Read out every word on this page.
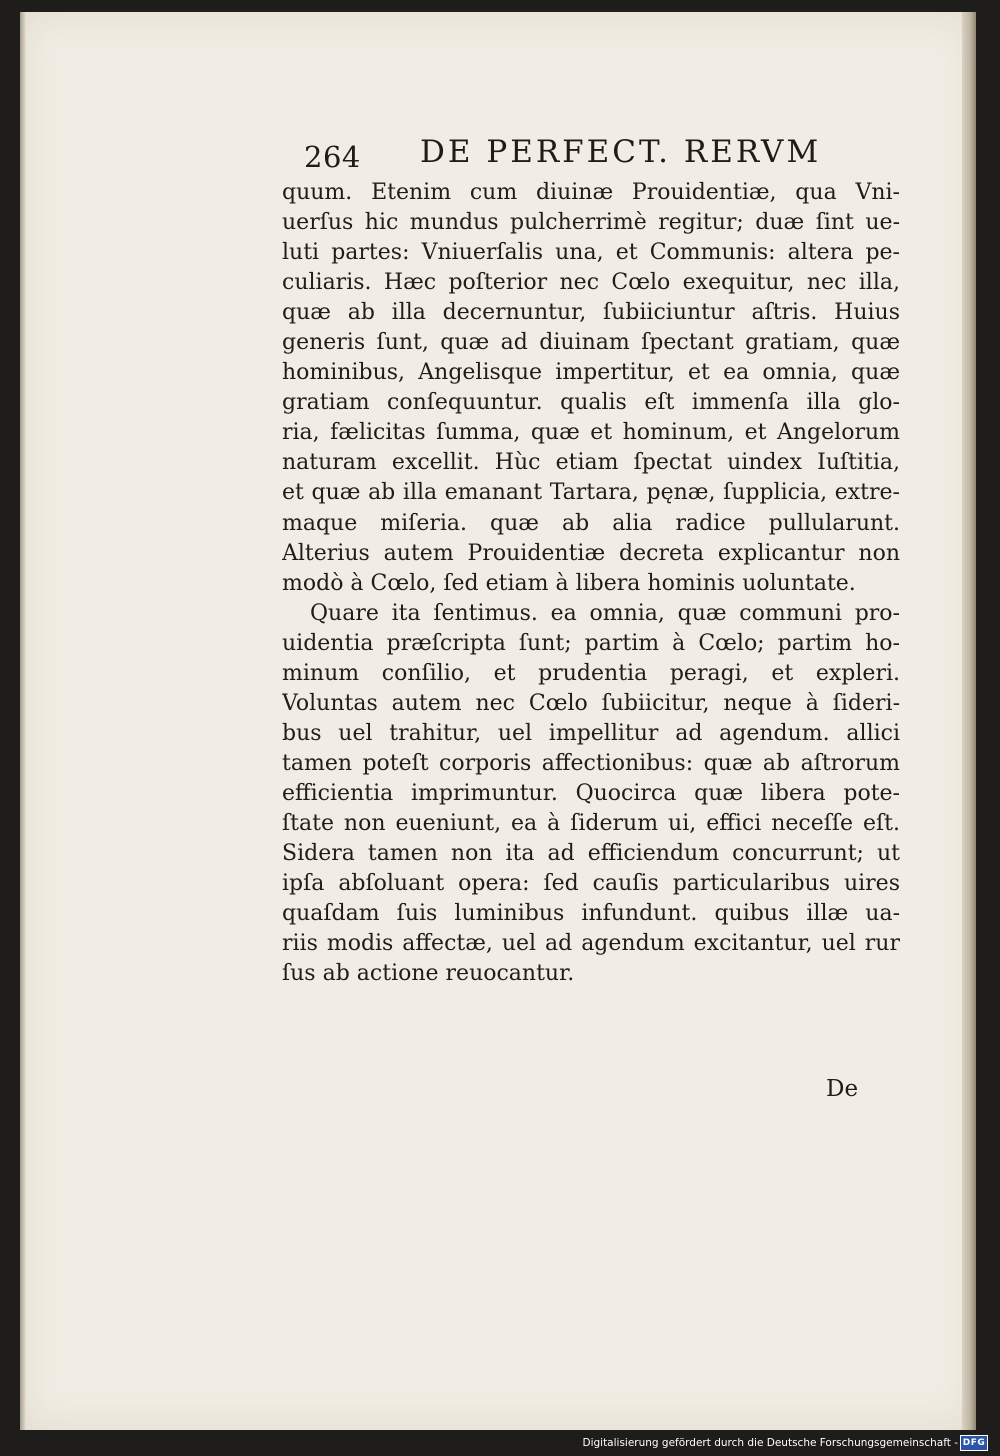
264 DE PERFECT. RERVM
quum. Etenim cum diuinæ Prouidentiæ, qua Vni-
uerſus hic mundus pulcherrimè regitur; duæ ſint ue-
luti partes: Vniuerſalis una, et Communis: altera pe-
culiaris. Hæc poſterior nec Cœlo exequitur, nec illa,
quæ ab illa decernuntur, ſubiiciuntur aſtris. Huius
generis ſunt, quæ ad diuinam ſpectant gratiam, quæ
hominibus, Angelisque impertitur, et ea omnia, quæ
gratiam conſequuntur. qualis eſt immenſa illa glo-
ria, fælicitas ſumma, quæ et hominum, et Angelorum
naturam excellit. Hùc etiam ſpectat uindex Iuſtitia,
et quæ ab illa emanant Tartara, pęnæ, ſupplicia, extre-
maque miſeria. quæ ab alia radice pullularunt.
Alterius autem Prouidentiæ decreta explicantur non
modò à Cœlo, ſed etiam à libera hominis uoluntate.
Quare ita ſentimus. ea omnia, quæ communi pro-
uidentia præſcripta ſunt; partim à Cœlo; partim ho-
minum conſilio, et prudentia peragi, et expleri.
Voluntas autem nec Cœlo ſubiicitur, neque à ſideri-
bus uel trahitur, uel impellitur ad agendum. allici
tamen poteſt corporis affectionibus: quæ ab aſtrorum
efficientia imprimuntur. Quocirca quæ libera pote-
ſtate non eueniunt, ea à ſiderum ui, effici neceſſe eſt.
Sidera tamen non ita ad efficiendum concurrunt; ut
ipſa abſoluant opera: ſed cauſis particularibus uires
quaſdam ſuis luminibus infundunt. quibus illæ ua-
riis modis affectæ, uel ad agendum excitantur, uel rur
ſus ab actione reuocantur.
De
Digitalisierung gefördert durch die Deutsche Forschungsgemeinschaft - DFG
